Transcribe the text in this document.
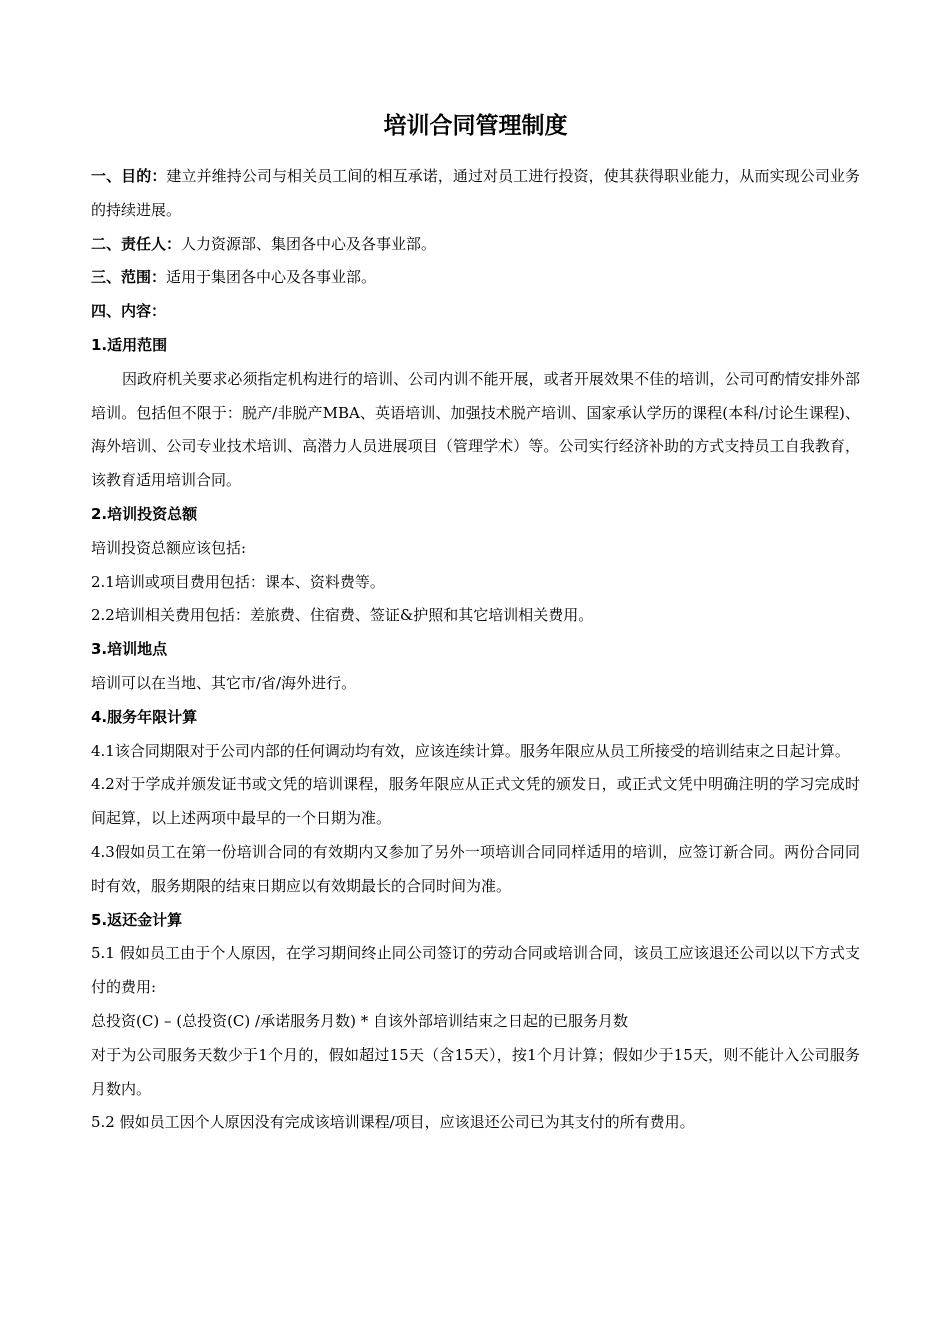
培训合同管理制度
一、目的：建立并维持公司与相关员工间的相互承诺，通过对员工进行投资，使其获得职业能力，从而实现公司业务的持续进展。
二、责任人：人力资源部、集团各中心及各事业部。
三、范围：适用于集团各中心及各事业部。
四、内容：
1.适用范围
因政府机关要求必须指定机构进行的培训、公司内训不能开展，或者开展效果不佳的培训，公司可酌情安排外部培训。包括但不限于：脱产/非脱产MBA、英语培训、加强技术脱产培训、国家承认学历的课程(本科/讨论生课程)、海外培训、公司专业技术培训、高潜力人员进展项目（管理学术）等。公司实行经济补助的方式支持员工自我教育，该教育适用培训合同。
2.培训投资总额
培训投资总额应该包括:
2.1培训或项目费用包括：课本、资料费等。
2.2培训相关费用包括：差旅费、住宿费、签证&护照和其它培训相关费用。
3.培训地点
培训可以在当地、其它市/省/海外进行。
4.服务年限计算
4.1该合同期限对于公司内部的任何调动均有效，应该连续计算。服务年限应从员工所接受的培训结束之日起计算。
4.2对于学成并颁发证书或文凭的培训课程，服务年限应从正式文凭的颁发日，或正式文凭中明确注明的学习完成时间起算，以上述两项中最早的一个日期为准。
4.3假如员工在第一份培训合同的有效期内又参加了另外一项培训合同同样适用的培训，应签订新合同。两份合同同时有效，服务期限的结束日期应以有效期最长的合同时间为准。
5.返还金计算
5.1 假如员工由于个人原因，在学习期间终止同公司签订的劳动合同或培训合同，该员工应该退还公司以以下方式支付的费用:
总投资(C) – (总投资(C) /承诺服务月数) * 自该外部培训结束之日起的已服务月数
对于为公司服务天数少于1个月的，假如超过15天（含15天），按1个月计算；假如少于15天，则不能计入公司服务月数内。
5.2 假如员工因个人原因没有完成该培训课程/项目，应该退还公司已为其支付的所有费用。
